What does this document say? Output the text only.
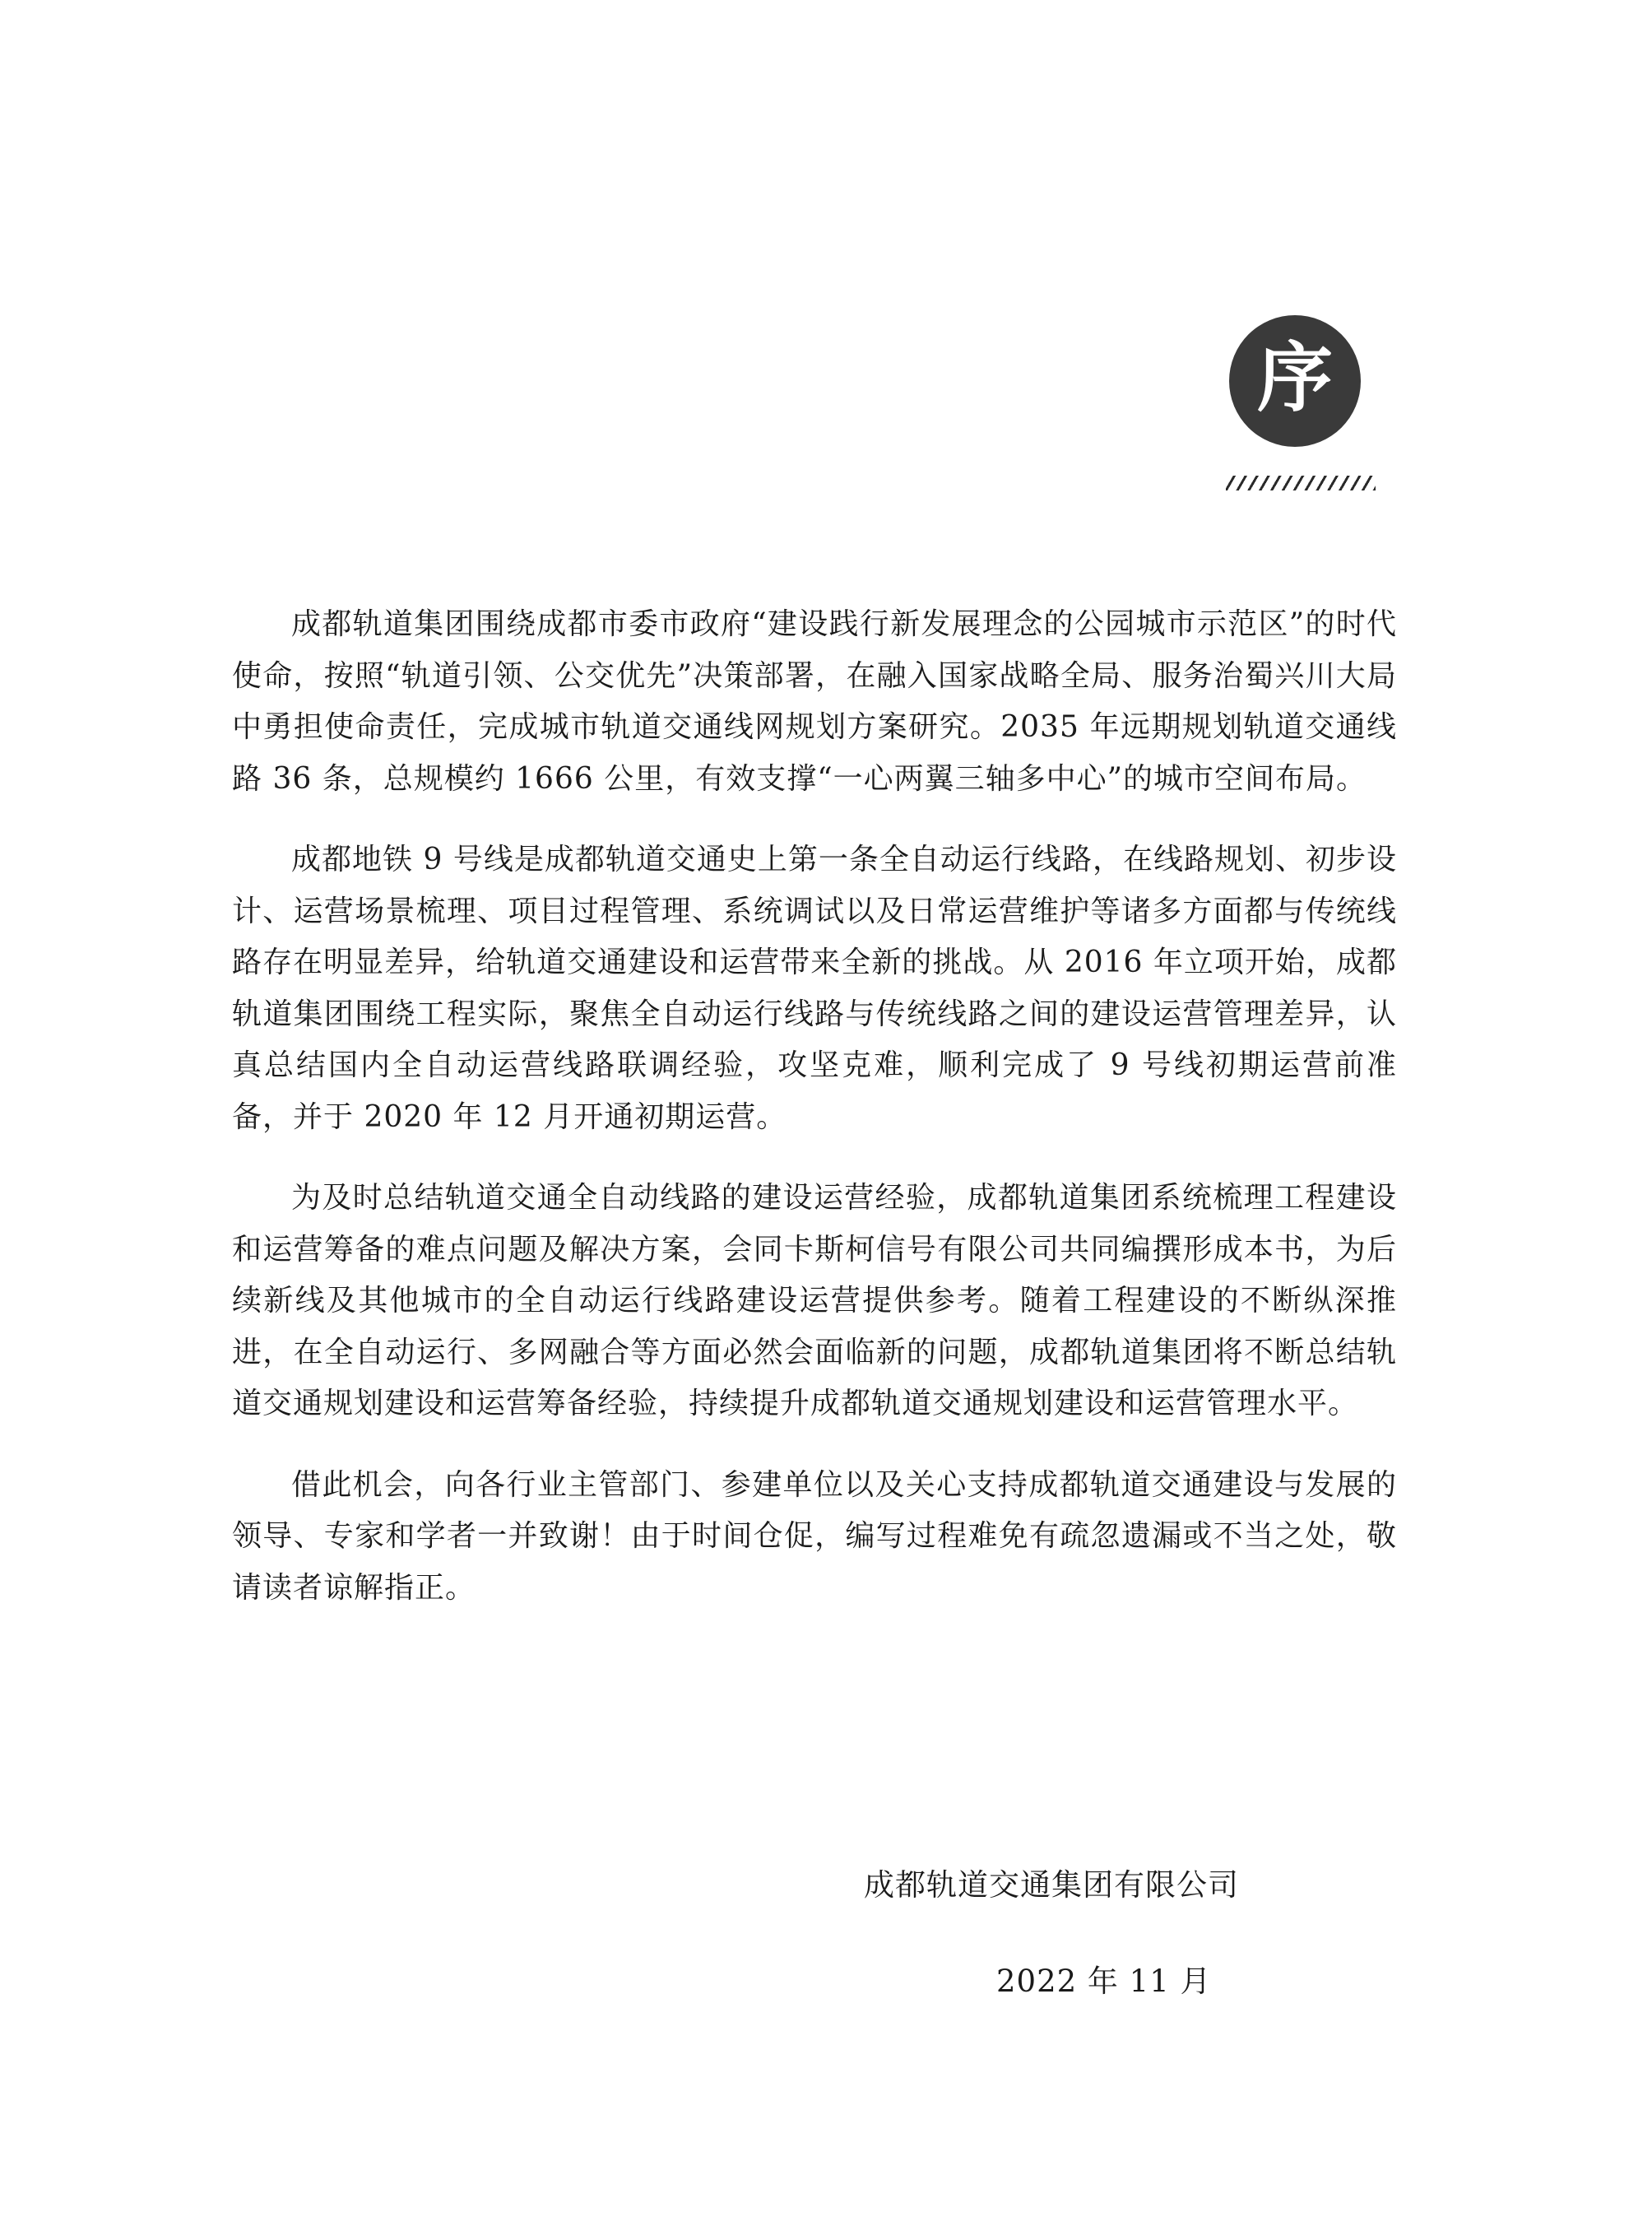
序

成都轨道集团围绕成都市委市政府“建设践行新发展理念的公园城市示范区”的时代使命，按照“轨道引领、公交优先”决策部署，在融入国家战略全局、服务治蜀兴川大局中勇担使命责任，完成城市轨道交通线网规划方案研究。2035 年远期规划轨道交通线路 36 条，总规模约 1666 公里，有效支撑“一心两翼三轴多中心”的城市空间布局。

成都地铁 9 号线是成都轨道交通史上第一条全自动运行线路，在线路规划、初步设计、运营场景梳理、项目过程管理、系统调试以及日常运营维护等诸多方面都与传统线路存在明显差异，给轨道交通建设和运营带来全新的挑战。从 2016 年立项开始，成都轨道集团围绕工程实际，聚焦全自动运行线路与传统线路之间的建设运营管理差异，认真总结国内全自动运营线路联调经验，攻坚克难，顺利完成了 9 号线初期运营前准备，并于 2020 年 12 月开通初期运营。

为及时总结轨道交通全自动线路的建设运营经验，成都轨道集团系统梳理工程建设和运营筹备的难点问题及解决方案，会同卡斯柯信号有限公司共同编撰形成本书，为后续新线及其他城市的全自动运行线路建设运营提供参考。随着工程建设的不断纵深推进，在全自动运行、多网融合等方面必然会面临新的问题，成都轨道集团将不断总结轨道交通规划建设和运营筹备经验，持续提升成都轨道交通规划建设和运营管理水平。

借此机会，向各行业主管部门、参建单位以及关心支持成都轨道交通建设与发展的领导、专家和学者一并致谢！由于时间仓促，编写过程难免有疏忽遗漏或不当之处，敬请读者谅解指正。

成都轨道交通集团有限公司
2022 年 11 月
